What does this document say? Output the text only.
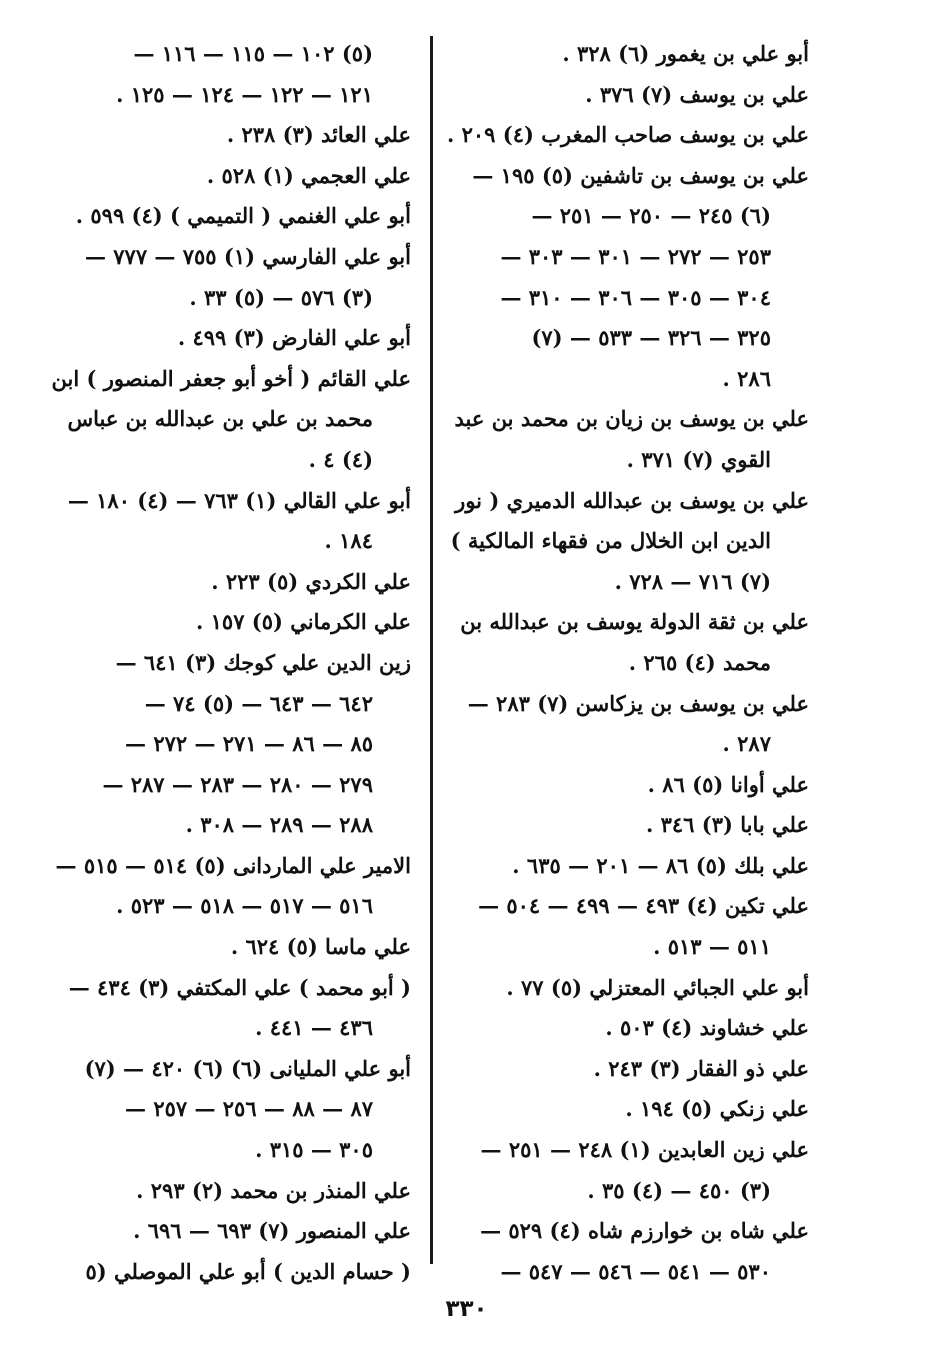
أبو علي بن يغمور (٦) ٣٢٨ .
علي بن يوسف (٧) ٣٧٦ .
علي بن يوسف صاحب المغرب (٤) ٢٠٩ .
علي بن يوسف بن تاشفين (٥) ١٩٥ —
(٦) ٢٤٥ — ٢٥٠ — ٢٥١ —
٢٥٣ — ٢٧٢ — ٣٠١ — ٣٠٣ —
٣٠٤ — ٣٠٥ — ٣٠٦ — ٣١٠ —
٣٢٥ — ٣٢٦ — ٥٣٣ — (٧)
٢٨٦ .
علي بن يوسف بن زيان بن محمد بن عبد
القوي (٧) ٣٧١ .
علي بن يوسف بن عبدالله الدميري ( نور
الدين ابن الخلال من فقهاء المالكية )
(٧) ٧١٦ — ٧٢٨ .
علي بن ثقة الدولة يوسف بن عبدالله بن
محمد (٤) ٢٦٥ .
علي بن يوسف بن يزكاسن (٧) ٢٨٣ —
٢٨٧ .
علي أوانا (٥) ٨٦ .
علي بابا (٣) ٣٤٦ .
علي بلك (٥) ٨٦ — ٢٠١ — ٦٣٥ .
علي تكين (٤) ٤٩٣ — ٤٩٩ — ٥٠٤ —
٥١١ — ٥١٣ .
أبو علي الجبائي المعتزلي (٥) ٧٧ .
علي خشاوند (٤) ٥٠٣ .
علي ذو الفقار (٣) ٢٤٣ .
علي زنكي (٥) ١٩٤ .
علي زين العابدين (١) ٢٤٨ — ٢٥١ —
(٣) ٤٥٠ — (٤) ٣٥ .
علي شاه بن خوارزم شاه (٤) ٥٢٩ —
٥٣٠ — ٥٤١ — ٥٤٦ — ٥٤٧ —
(٥) ١٠٢ — ١١٥ — ١١٦ —
١٢١ — ١٢٢ — ١٢٤ — ١٢٥ .
علي العائد (٣) ٢٣٨ .
علي العجمي (١) ٥٢٨ .
أبو علي الغنمي ( التميمي ) (٤) ٥٩٩ .
أبو علي الفارسي (١) ٧٥٥ — ٧٧٧ —
(٣) ٥٧٦ — (٥) ٣٣ .
أبو علي الفارض (٣) ٤٩٩ .
علي القائم ( أخو أبو جعفر المنصور ) ابن
محمد بن علي بن عبدالله بن عباس
(٤) ٤ .
أبو علي القالي (١) ٧٦٣ — (٤) ١٨٠ —
١٨٤ .
علي الكردي (٥) ٢٢٣ .
علي الكرماني (٥) ١٥٧ .
زين الدين علي كوجك (٣) ٦٤١ —
٦٤٢ — ٦٤٣ — (٥) ٧٤ —
٨٥ — ٨٦ — ٢٧١ — ٢٧٢ —
٢٧٩ — ٢٨٠ — ٢٨٣ — ٢٨٧ —
٢٨٨ — ٢٨٩ — ٣٠٨ .
الامير علي الماردانى (٥) ٥١٤ — ٥١٥ —
٥١٦ — ٥١٧ — ٥١٨ — ٥٢٣ .
علي ماسا (٥) ٦٢٤ .
( أبو محمد ) علي المكتفي (٣) ٤٣٤ —
٤٣٦ — ٤٤١ .
أبو علي المليانى (٦) (٦) ٤٢٠ — (٧)
٨٧ — ٨٨ — ٢٥٦ — ٢٥٧ —
٣٠٥ — ٣١٥ .
علي المنذر بن محمد (٢) ٢٩٣ .
علي المنصور (٧) ٦٩٣ — ٦٩٦ .
( حسام الدين ) أبو علي الموصلي (٥
٣٣٠
